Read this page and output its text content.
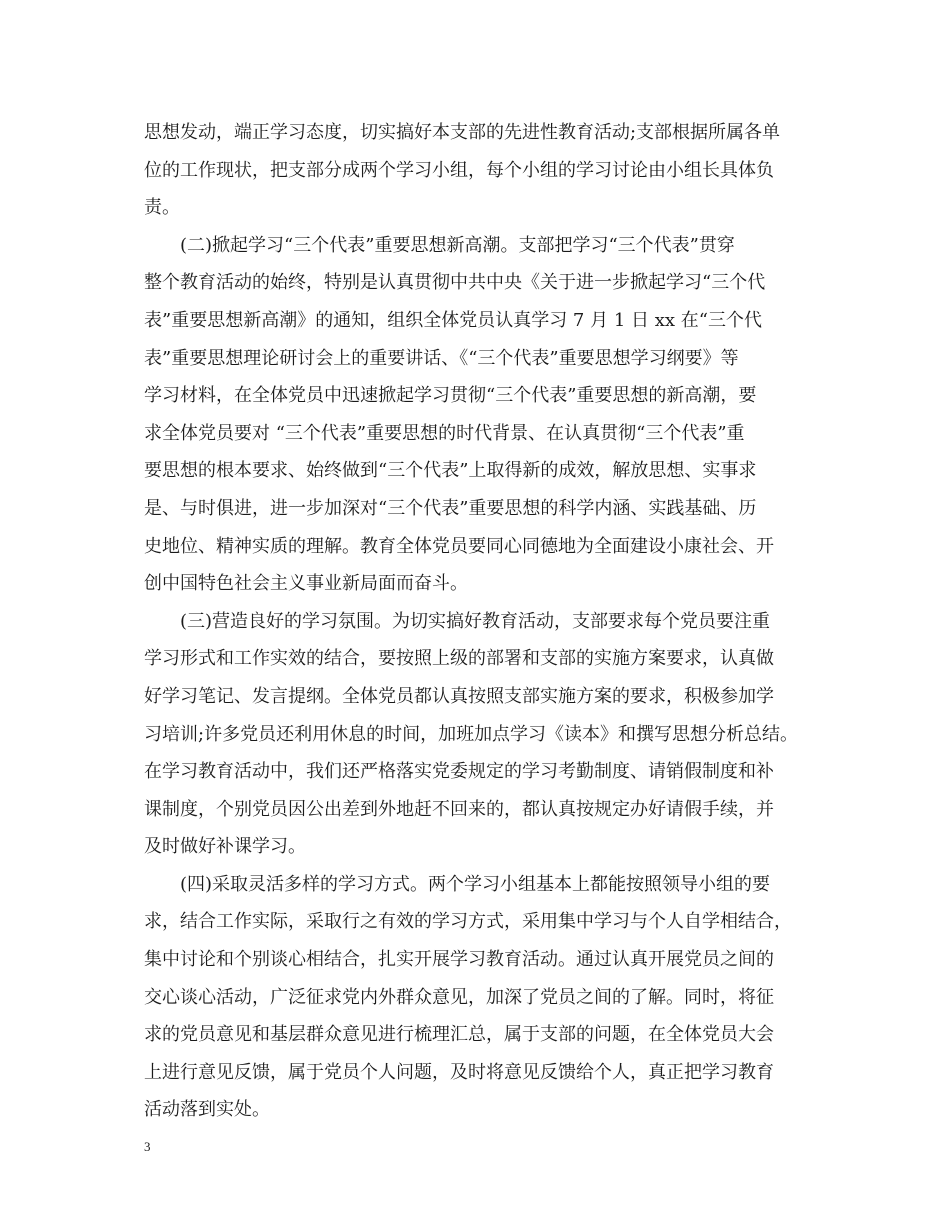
思想发动，端正学习态度，切实搞好本支部的先进性教育活动;支部根据所属各单
位的工作现状，把支部分成两个学习小组，每个小组的学习讨论由小组长具体负
责。
(二)掀起学习“三个代表”重要思想新高潮。支部把学习“三个代表”贯穿
整个教育活动的始终，特别是认真贯彻中共中央《关于进一步掀起学习“三个代
表”重要思想新高潮》的通知，组织全体党员认真学习 7 月 1 日 xx 在“三个代
表”重要思想理论研讨会上的重要讲话、《“三个代表”重要思想学习纲要》等
学习材料，在全体党员中迅速掀起学习贯彻“三个代表”重要思想的新高潮，要
求全体党员要对 “三个代表”重要思想的时代背景、在认真贯彻“三个代表”重
要思想的根本要求、始终做到“三个代表”上取得新的成效，解放思想、实事求
是、与时俱进，进一步加深对“三个代表”重要思想的科学内涵、实践基础、历
史地位、精神实质的理解。教育全体党员要同心同德地为全面建设小康社会、开
创中国特色社会主义事业新局面而奋斗。
(三)营造良好的学习氛围。为切实搞好教育活动，支部要求每个党员要注重
学习形式和工作实效的结合，要按照上级的部署和支部的实施方案要求，认真做
好学习笔记、发言提纲。全体党员都认真按照支部实施方案的要求，积极参加学
习培训;许多党员还利用休息的时间，加班加点学习《读本》和撰写思想分析总结。
在学习教育活动中，我们还严格落实党委规定的学习考勤制度、请销假制度和补
课制度，个别党员因公出差到外地赶不回来的，都认真按规定办好请假手续，并
及时做好补课学习。
(四)采取灵活多样的学习方式。两个学习小组基本上都能按照领导小组的要
求，结合工作实际，采取行之有效的学习方式，采用集中学习与个人自学相结合，
集中讨论和个别谈心相结合，扎实开展学习教育活动。通过认真开展党员之间的
交心谈心活动，广泛征求党内外群众意见，加深了党员之间的了解。同时，将征
求的党员意见和基层群众意见进行梳理汇总，属于支部的问题，在全体党员大会
上进行意见反馈，属于党员个人问题，及时将意见反馈给个人，真正把学习教育
活动落到实处。
3
